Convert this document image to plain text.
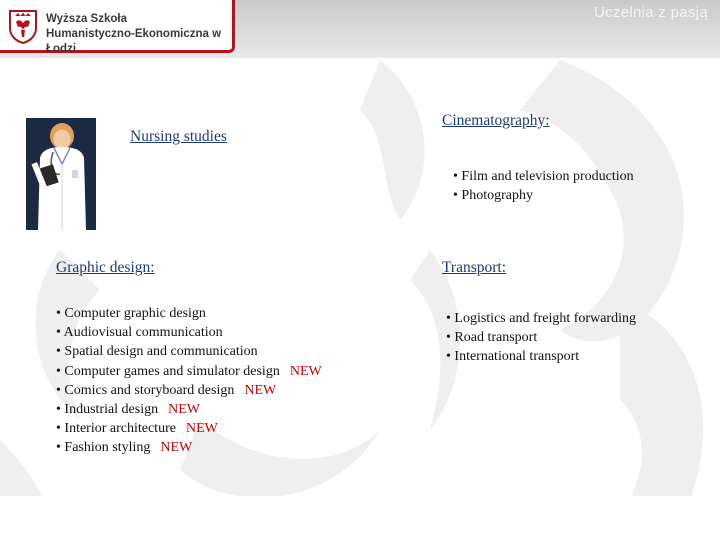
Wyższa Szkoła
Humanistyczno-Ekonomiczna w Łodzi
Uczelnia z pasją
Nursing studies
Cinematography:
• Film and television production
• Photography
Graphic design:
• Computer graphic design
• Audiovisual communication
• Spatial design and communication
• Computer games and simulator design NEW
• Comics and storyboard design NEW
• Industrial design NEW
• Interior architecture NEW
• Fashion styling NEW
Transport:
• Logistics and freight forwarding
• Road transport
• International transport
